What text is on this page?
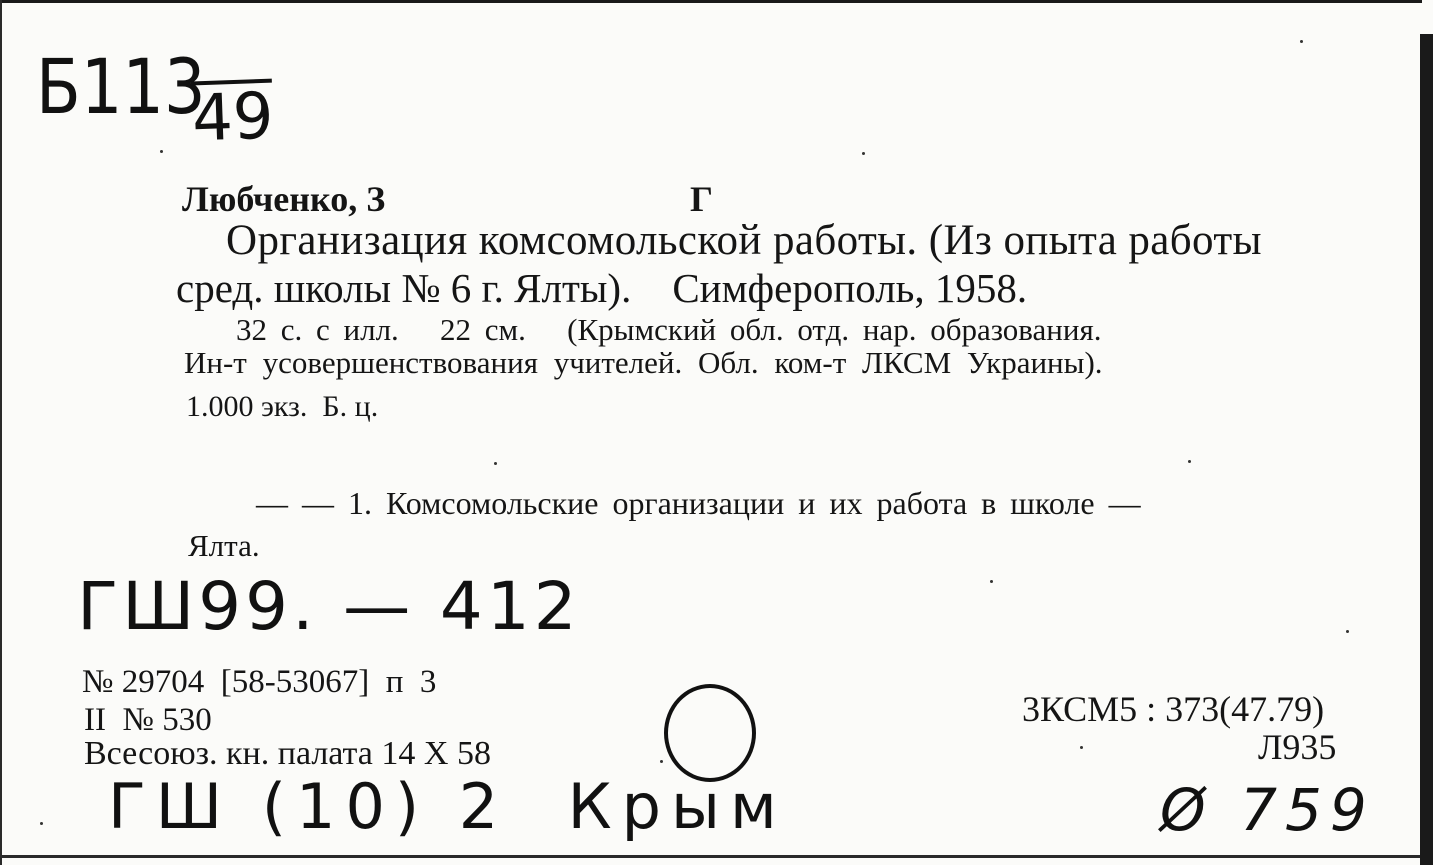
Б113
49
Любченко, З	Г
Организация комсомольской работы. (Из опыта работы
сред. школы № 6 г. Ялты).    Симферополь, 1958.
32 с. с илл.   22 см.   (Крымский обл. отд. нар. образования.
Ин-т усовершенствования учителей. Обл. ком-т ЛКСМ Украины).
1.000 экз.  Б. ц.
— — 1. Комсомольские организации и их работа в школе —
Ялта.
ГШ99. — 412
№ 29704  [58-53067]  п  3
II  № 530
Всесоюз. кн. палата 14 X 58
3КСМ5 : 373(47.79)
Л935
ГШ (10) 2  Крым	Ø 759
